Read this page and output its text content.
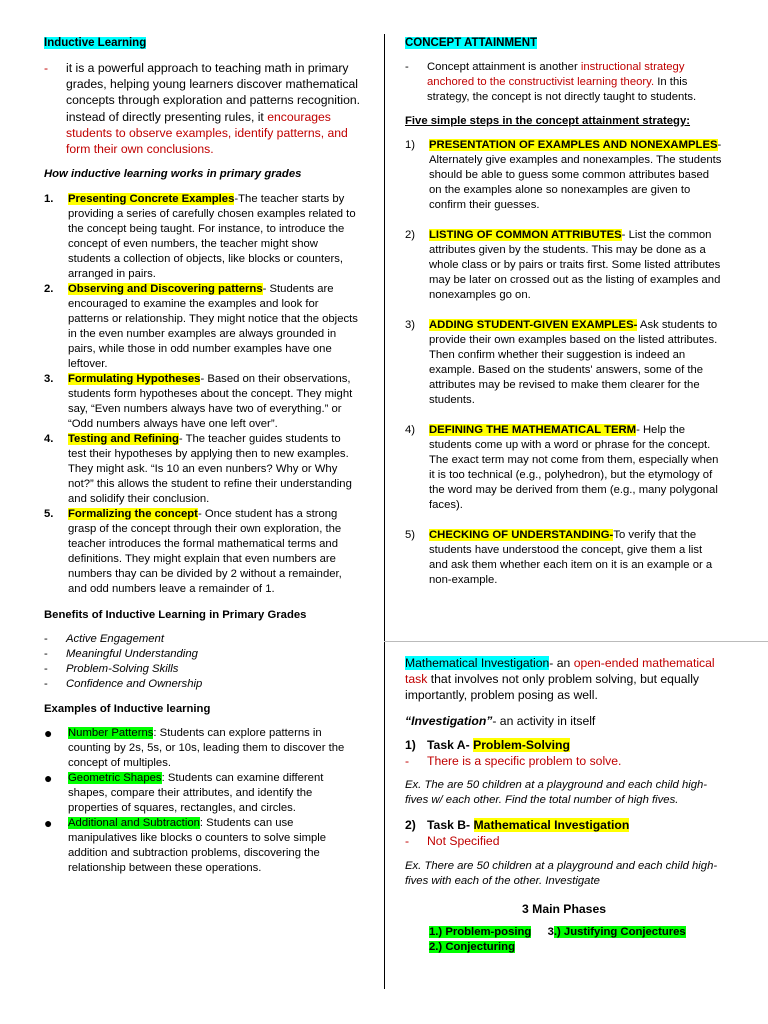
Inductive Learning
-	it is a powerful approach to teaching math in primary grades, helping young learners discover mathematical concepts through exploration and patterns recognition. instead of directly presenting rules, it encourages students to observe examples, identify patterns, and form their own conclusions.
How inductive learning works in primary grades
1.	Presenting Concrete Examples-The teacher starts by providing a series of carefully chosen examples related to the concept being taught. For instance, to introduce the concept of even numbers, the teacher might show students a collection of objects, like blocks or counters, arranged in pairs.
2.	Observing and Discovering patterns- Students are encouraged to examine the examples and look for patterns or relationship. They might notice that the objects in the even number examples are always grounded in pairs, while those in odd number examples have one leftover.
3.	Formulating Hypotheses- Based on their observations, students form hypotheses about the concept. They might say, “Even numbers always have two of everything.” or “Odd numbers always have one left over”.
4.	Testing and Refining- The teacher guides students to test their hypotheses by applying then to new examples. They might ask. “Is 10 an even nunbers? Why or Why not?” this allows the student to refine their understanding and solidify their conclusion.
5.	Formalizing the concept- Once student has a strong grasp of the concept through their own exploration, the teacher introduces the formal mathematical terms and definitions. They might explain that even numbers are numbers thay can be divided by 2 without a remainder, and odd numbers leave a remainder of 1.
Benefits of Inductive Learning in Primary Grades
-	Active Engagement
-	Meaningful Understanding
-	Problem-Solving Skills
-	Confidence and Ownership
Examples of Inductive learning
●	Number Patterns: Students can explore patterns in counting by 2s, 5s, or 10s, leading them to discover the concept of multiples.
●	Geometric Shapes: Students can examine different shapes, compare their attributes, and identify the properties of squares, rectangles, and circles.
●	Additional and Subtraction: Students can use manipulatives like blocks o counters to solve simple addition and subtraction problems, discovering the relationship between these operations.
CONCEPT ATTAINMENT
-	Concept attainment is another instructional strategy anchored to the constructivist learning theory. In this strategy, the concept is not directly taught to students.
Five simple steps in the concept attainment strategy:
1)	PRESENTATION OF EXAMPLES AND NONEXAMPLES- Alternately give examples and nonexamples. The students should be able to guess some common attributes based on the examples alone so nonexamples are given to confirm their guesses.
2)	LISTING OF COMMON ATTRIBUTES- List the common attributes given by the students. This may be done as a whole class or by pairs or traits first. Some listed attributes may be later on crossed out as the listing of examples and nonexamples go on.
3)	ADDING STUDENT-GIVEN EXAMPLES- Ask students to provide their own examples based on the listed attributes. Then confirm whether their suggestion is indeed an example. Based on the students' answers, some of the attributes may be revised to make them clearer for the students.
4)	DEFINING THE MATHEMATICAL TERM- Help the students come up with a word or phrase for the concept. The exact term may not come from them, especially when it is too technical (e.g., polyhedron), but the etymology of the word may be derived from them (e.g., many polygonal faces).
5)	CHECKING OF UNDERSTANDING-To verify that the students have understood the concept, give them a list and ask them whether each item on it is an example or a non-example.
Mathematical Investigation- an open-ended mathematical task that involves not only problem solving, but equally importantly, problem posing as well.
“Investigation”- an activity in itself
1) Task A- Problem-Solving
-	There is a specific problem to solve.
Ex. The are 50 children at a playground and each child high-fives w/ each other. Find the total number of high fives.
2) Task B- Mathematical Investigation
-	Not Specified
Ex. There are 50 children at a playground and each child high-fives with each of the other. Investigate
3 Main Phases
1.) Problem-posing 3.) Justifying Conjectures
2.) Conjecturing
